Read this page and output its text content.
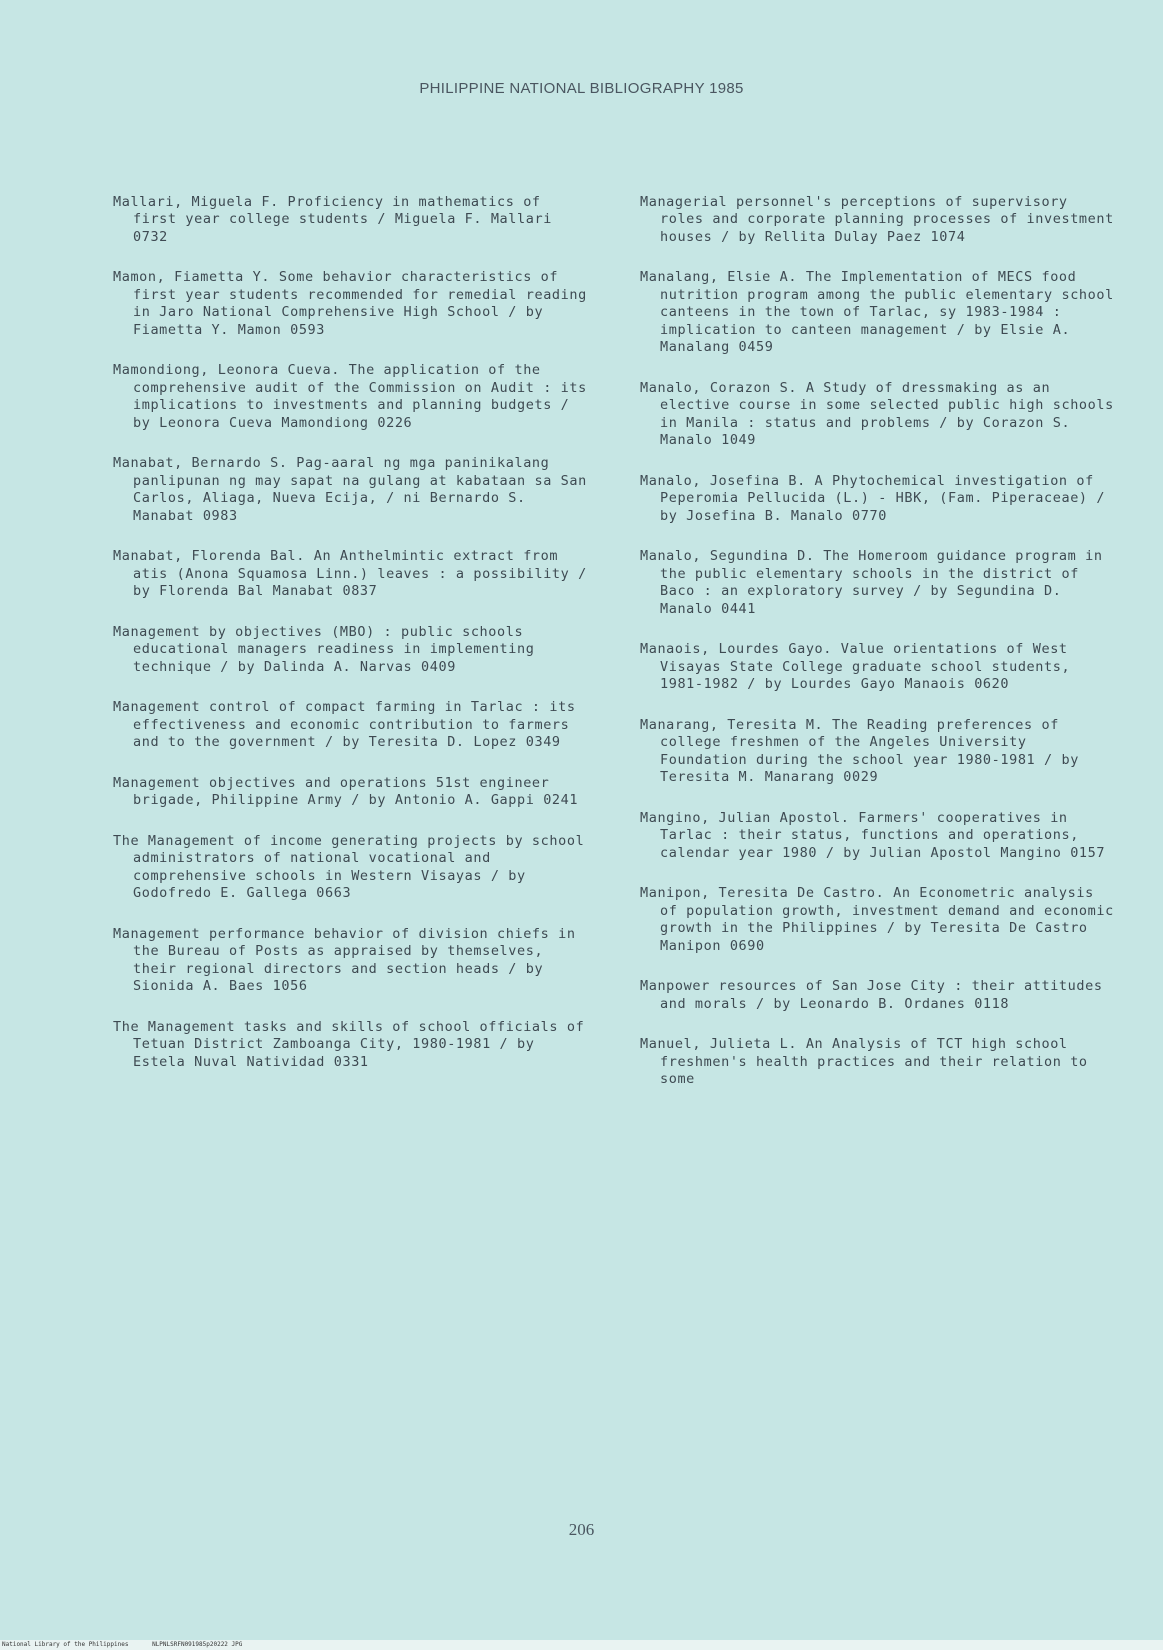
PHILIPPINE NATIONAL BIBLIOGRAPHY 1985

Mallari, Miguela F. Proficiency in mathematics of first year college students / Miguela F. Mallari 0732

Mamon, Fiametta Y. Some behavior characteristics of first year students recommended for remedial reading in Jaro National Comprehensive High School / by Fiametta Y. Mamon 0593

Mamondiong, Leonora Cueva. The application of the comprehensive audit of the Commission on Audit : its implications to investments and planning budgets / by Leonora Cueva Mamondiong 0226

Manabat, Bernardo S. Pag-aaral ng mga paninikalang panlipunan ng may sapat na gulang at kabataan sa San Carlos, Aliaga, Nueva Ecija, / ni Bernardo S. Manabat 0983

Manabat, Florenda Bal. An Anthelmintic extract from atis (Anona Squamosa Linn.) leaves : a possibility / by Florenda Bal Manabat 0837

Management by objectives (MBO) : public schools educational managers readiness in implementing technique / by Dalinda A. Narvas 0409

Management control of compact farming in Tarlac : its effectiveness and economic contribution to farmers and to the government / by Teresita D. Lopez 0349

Management objectives and operations 51st engineer brigade, Philippine Army / by Antonio A. Gappi 0241

The Management of income generating projects by school administrators of national vocational and comprehensive schools in Western Visayas / by Godofredo E. Gallega 0663

Management performance behavior of division chiefs in the Bureau of Posts as appraised by themselves, their regional directors and section heads / by Sionida A. Baes 1056

The Management tasks and skills of school officials of Tetuan District Zamboanga City, 1980-1981 / by Estela Nuval Natividad 0331

Managerial personnel's perceptions of supervisory roles and corporate planning processes of investment houses / by Rellita Dulay Paez 1074

Manalang, Elsie A. The Implementation of MECS food nutrition program among the public elementary school canteens in the town of Tarlac, sy 1983-1984 : implication to canteen management / by Elsie A. Manalang 0459

Manalo, Corazon S. A Study of dressmaking as an elective course in some selected public high schools in Manila : status and problems / by Corazon S. Manalo 1049

Manalo, Josefina B. A Phytochemical investigation of Peperomia Pellucida (L.) - HBK, (Fam. Piperaceae) / by Josefina B. Manalo 0770

Manalo, Segundina D. The Homeroom guidance program in the public elementary schools in the district of Baco : an exploratory survey / by Segundina D. Manalo 0441

Manaois, Lourdes Gayo. Value orientations of West Visayas State College graduate school students, 1981-1982 / by Lourdes Gayo Manaois 0620

Manarang, Teresita M. The Reading preferences of college freshmen of the Angeles University Foundation during the school year 1980-1981 / by Teresita M. Manarang 0029

Mangino, Julian Apostol. Farmers' cooperatives in Tarlac : their status, functions and operations, calendar year 1980 / by Julian Apostol Mangino 0157

Manipon, Teresita De Castro. An Econometric analysis of population growth, investment demand and economic growth in the Philippines / by Teresita De Castro Manipon 0690

Manpower resources of San Jose City : their attitudes and morals / by Leonardo B. Ordanes 0118

Manuel, Julieta L. An Analysis of TCT high school freshmen's health practices and their relation to some

206
National Library of the Philippines	NLPNLSRFN091985p20222 JPG
